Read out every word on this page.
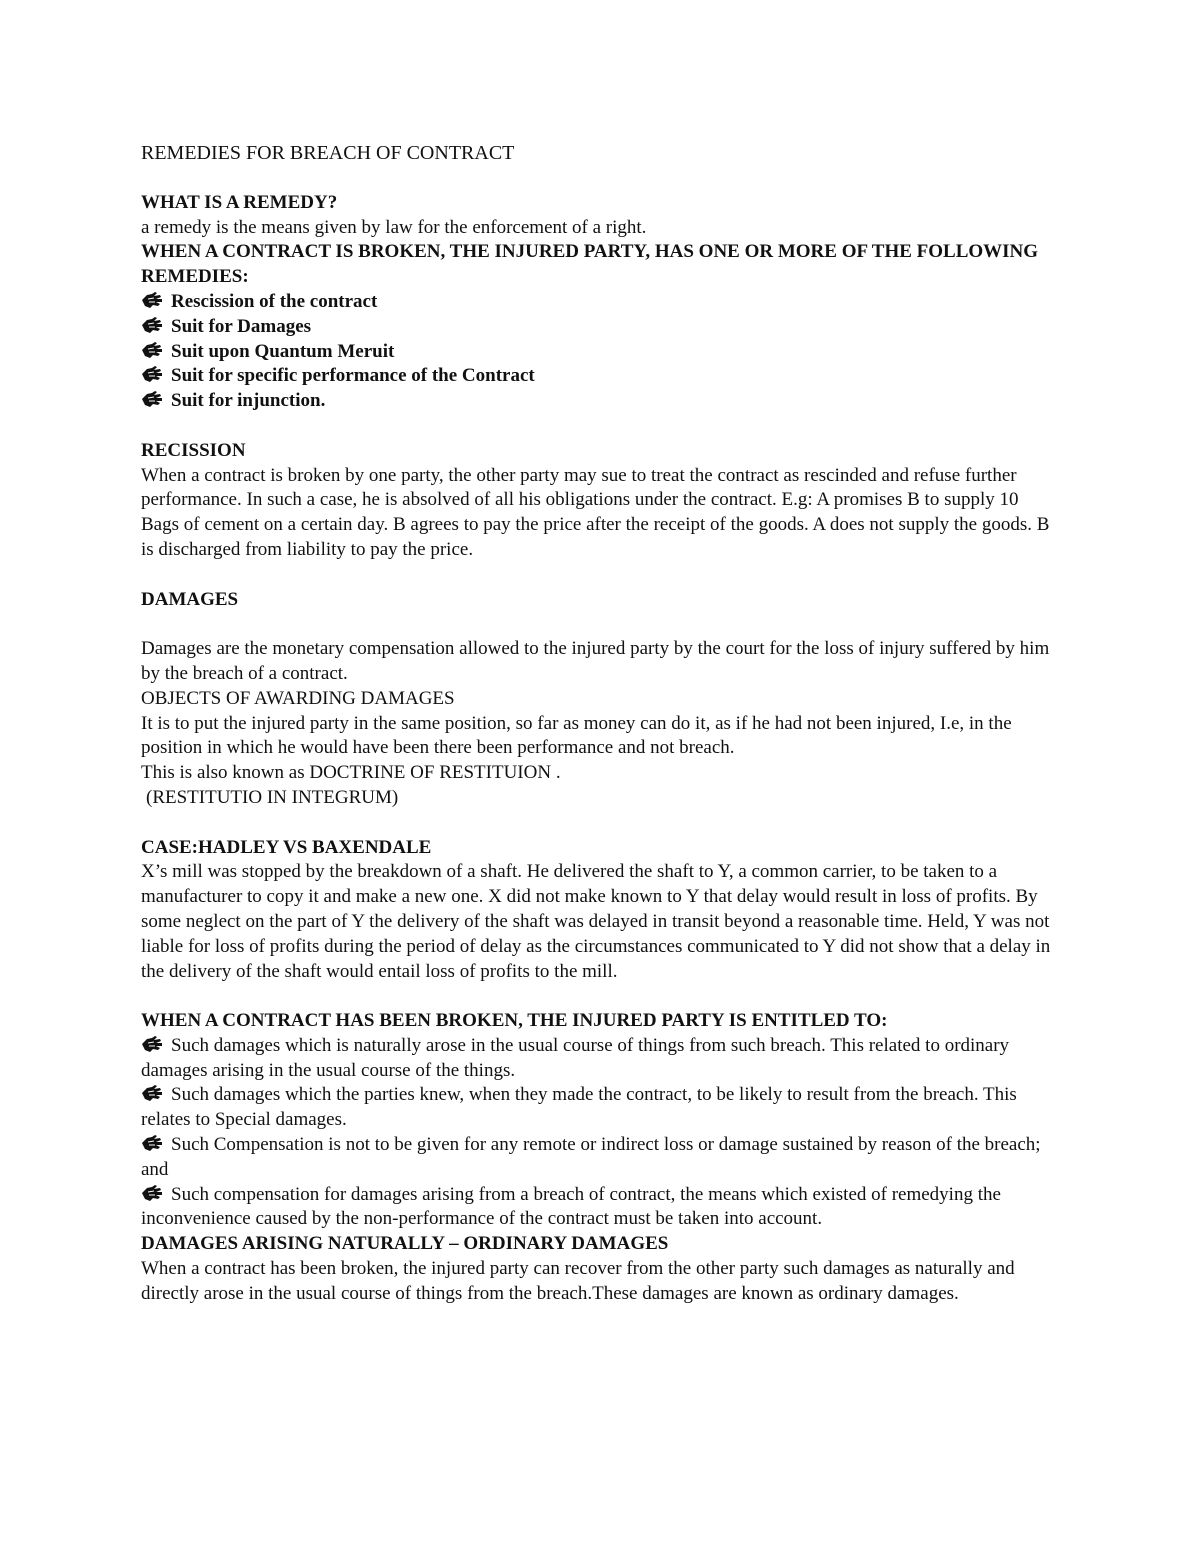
REMEDIES FOR BREACH OF CONTRACT

WHAT IS A REMEDY?

a remedy is the means given by law for the enforcement of a right.

WHEN A CONTRACT IS BROKEN, THE INJURED PARTY, HAS ONE OR MORE OF THE FOLLOWING REMEDIES:

Rescission of the contract
Suit for Damages
Suit upon Quantum Meruit
Suit for specific performance of the Contract
Suit for injunction.

RECISSION

When a contract is broken by one party, the other party may sue to treat the contract as rescinded and refuse further performance. In such a case, he is absolved of all his obligations under the contract. E.g: A promises B to supply 10 Bags of cement on a certain day. B agrees to pay the price after the receipt of the goods. A does not supply the goods. B is discharged from liability to pay the price.

DAMAGES

Damages are the monetary compensation allowed to the injured party by the court for the loss of injury suffered by him by the breach of a contract.

OBJECTS OF AWARDING DAMAGES

It is to put the injured party in the same position, so far as money can do it, as if he had not been injured, I.e, in the position in which he would have been there been performance and not breach.

This is also known as DOCTRINE OF RESTITUION .

(RESTITUTIO IN INTEGRUM)

CASE:HADLEY VS BAXENDALE

X’s mill was stopped by the breakdown of a shaft. He delivered the shaft to Y, a common carrier, to be taken to a manufacturer to copy it and make a new one. X did not make known to Y that delay would result in loss of profits. By some neglect on the part of Y the delivery of the shaft was delayed in transit beyond a reasonable time. Held, Y was not liable for loss of profits during the period of delay as the circumstances communicated to Y did not show that a delay in the delivery of the shaft would entail loss of profits to the mill.

WHEN A CONTRACT HAS BEEN BROKEN, THE INJURED PARTY IS ENTITLED TO:

Such damages which is naturally arose in the usual course of things from such breach. This related to ordinary damages arising in the usual course of the things.

Such damages which the parties knew, when they made the contract, to be likely to result from the breach. This relates to Special damages.

Such Compensation is not to be given for any remote or indirect loss or damage sustained by reason of the breach; and

Such compensation for damages arising from a breach of contract, the means which existed of remedying the inconvenience caused by the non-performance of the contract must be taken into account.

DAMAGES ARISING NATURALLY – ORDINARY DAMAGES

When a contract has been broken, the injured party can recover from the other party such damages as naturally and directly arose in the usual course of things from the breach.These damages are known as ordinary damages.
